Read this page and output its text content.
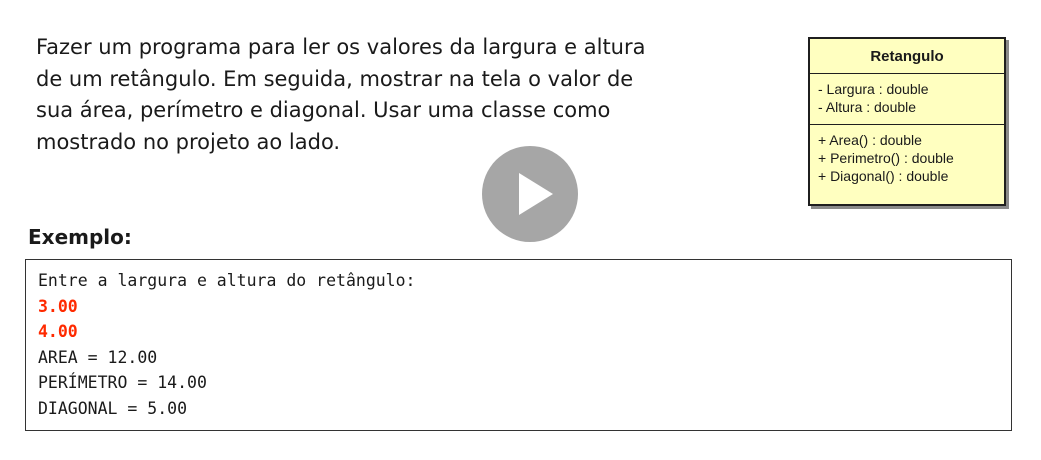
Fazer um programa para ler os valores da largura e altura
de um retângulo. Em seguida, mostrar na tela o valor de
sua área, perímetro e diagonal. Usar uma classe como
mostrado no projeto ao lado.
Retangulo
- Largura : double
- Altura : double
+ Area() : double
+ Perimetro() : double
+ Diagonal() : double
Exemplo:
Entre a largura e altura do retângulo:
3.00
4.00
AREA = 12.00
PERÍMETRO = 14.00
DIAGONAL = 5.00
